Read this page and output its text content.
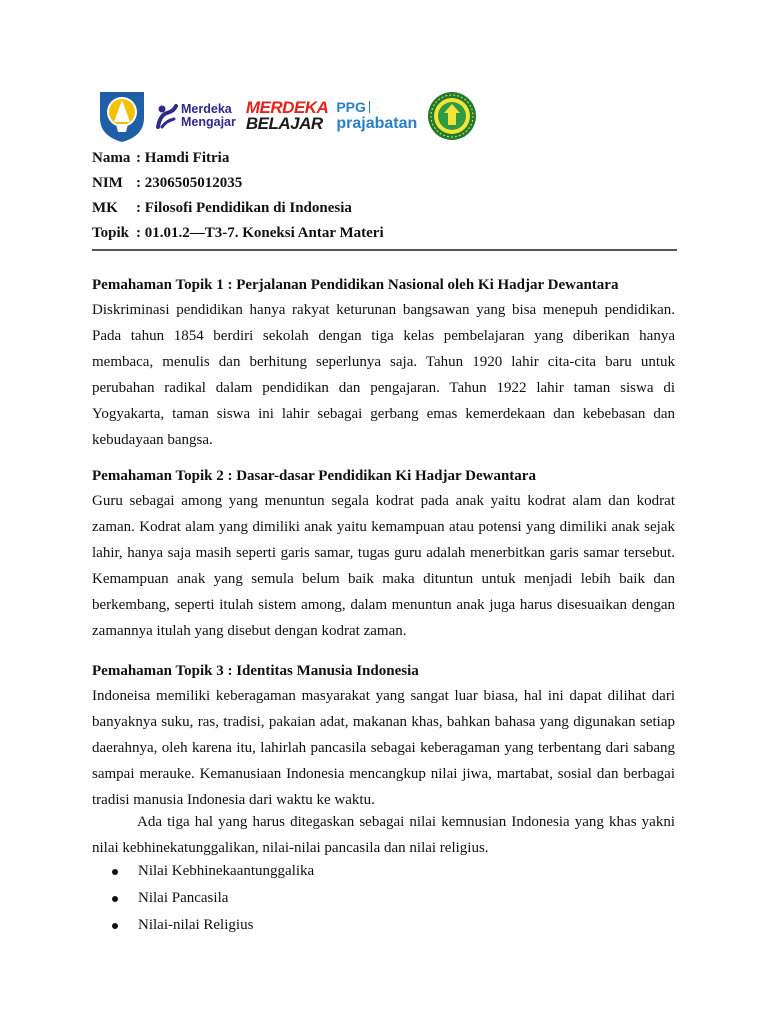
Merdeka
Mengajar
MERDEKA
BELAJAR
PPG · · · ·
· · ·
· · · ·
prajabatan
Nama : Hamdi Fitria
NIM : 2306505012035
MK	: Filosofi Pendidikan di Indonesia
Topik : 01.01.2—T3-7. Koneksi Antar Materi
Pemahaman Topik 1 : Perjalanan Pendidikan Nasional oleh Ki Hadjar Dewantara
Diskriminasi pendidikan hanya rakyat keturunan bangsawan yang bisa menepuh pendidikan. Pada tahun 1854 berdiri sekolah dengan tiga kelas pembelajaran yang diberikan hanya membaca, menulis dan berhitung seperlunya saja. Tahun 1920 lahir cita-cita baru untuk perubahan radikal dalam pendidikan dan pengajaran. Tahun 1922 lahir taman siswa di Yogyakarta, taman siswa ini lahir sebagai gerbang emas kemerdekaan dan kebebasan dan kebudayaan bangsa.
Pemahaman Topik 2 : Dasar-dasar Pendidikan Ki Hadjar Dewantara
Guru sebagai among yang menuntun segala kodrat pada anak yaitu kodrat alam dan kodrat zaman. Kodrat alam yang dimiliki anak yaitu kemampuan atau potensi yang dimiliki anak sejak lahir, hanya saja masih seperti garis samar, tugas guru adalah menerbitkan garis samar tersebut. Kemampuan anak yang semula belum baik maka dituntun untuk menjadi lebih baik dan berkembang, seperti itulah sistem among, dalam menuntun anak juga harus disesuaikan dengan zamannya itulah yang disebut dengan kodrat zaman.
Pemahaman Topik 3 : Identitas Manusia Indonesia
Indoneisa memiliki keberagaman masyarakat yang sangat luar biasa, hal ini dapat dilihat dari banyaknya suku, ras, tradisi, pakaian adat, makanan khas, bahkan bahasa yang digunakan setiap daerahnya, oleh karena itu, lahirlah pancasila sebagai keberagaman yang terbentang dari sabang sampai merauke. Kemanusiaan Indonesia mencangkup nilai jiwa, martabat, sosial dan berbagai tradisi manusia Indonesia dari waktu ke waktu.
Ada tiga hal yang harus ditegaskan sebagai nilai kemnusian Indonesia yang khas yakni nilai kebhinekatunggalikan, nilai-nilai pancasila dan nilai religius.
Nilai Kebhinekaantunggalika
Nilai Pancasila
Nilai-nilai Religius
